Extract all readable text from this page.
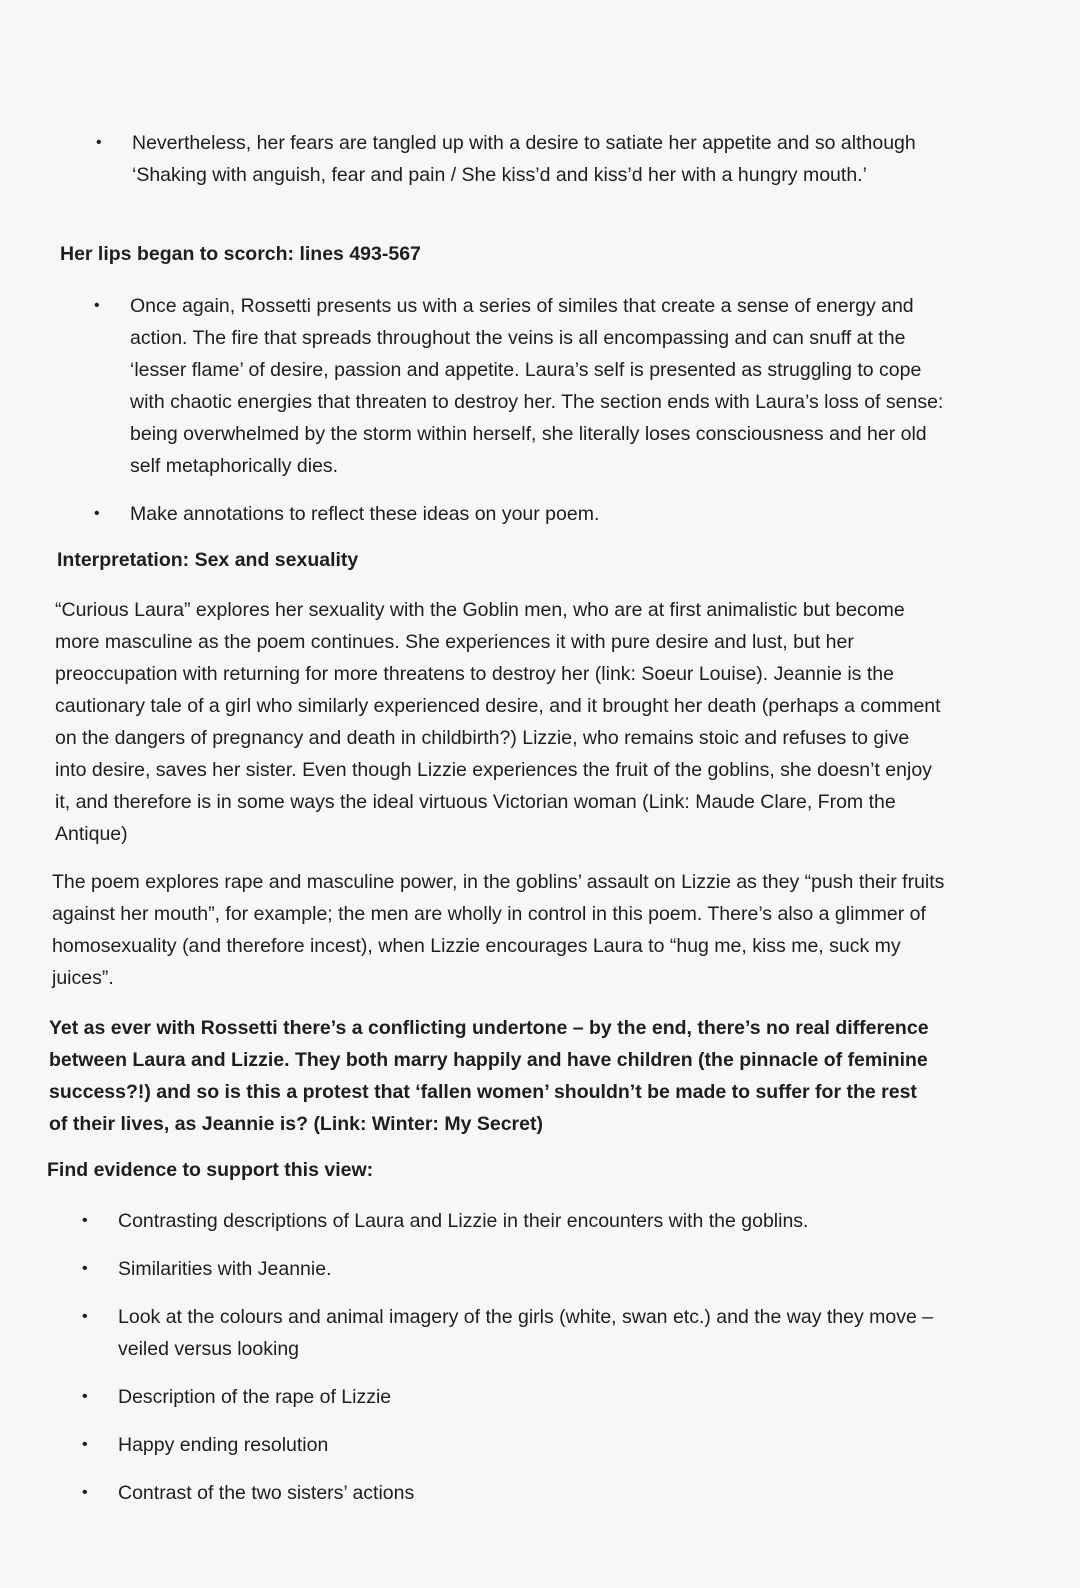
• Nevertheless, her fears are tangled up with a desire to satiate her appetite and so although ‘Shaking with anguish, fear and pain / She kiss’d and kiss’d her with a hungry mouth.’

Her lips began to scorch: lines 493-567

• Once again, Rossetti presents us with a series of similes that create a sense of energy and action. The fire that spreads throughout the veins is all encompassing and can snuff at the ‘lesser flame’ of desire, passion and appetite. Laura’s self is presented as struggling to cope with chaotic energies that threaten to destroy her. The section ends with Laura’s loss of sense: being overwhelmed by the storm within herself, she literally loses consciousness and her old self metaphorically dies.
• Make annotations to reflect these ideas on your poem.

Interpretation: Sex and sexuality

“Curious Laura” explores her sexuality with the Goblin men, who are at first animalistic but become more masculine as the poem continues. She experiences it with pure desire and lust, but her preoccupation with returning for more threatens to destroy her (link: Soeur Louise). Jeannie is the cautionary tale of a girl who similarly experienced desire, and it brought her death (perhaps a comment on the dangers of pregnancy and death in childbirth?) Lizzie, who remains stoic and refuses to give into desire, saves her sister. Even though Lizzie experiences the fruit of the goblins, she doesn’t enjoy it, and therefore is in some ways the ideal virtuous Victorian woman (Link: Maude Clare, From the Antique)

The poem explores rape and masculine power, in the goblins’ assault on Lizzie as they “push their fruits against her mouth”, for example; the men are wholly in control in this poem. There’s also a glimmer of homosexuality (and therefore incest), when Lizzie encourages Laura to “hug me, kiss me, suck my juices”.

Yet as ever with Rossetti there’s a conflicting undertone – by the end, there’s no real difference between Laura and Lizzie. They both marry happily and have children (the pinnacle of feminine success?!) and so is this a protest that ‘fallen women’ shouldn’t be made to suffer for the rest of their lives, as Jeannie is? (Link: Winter: My Secret)

Find evidence to support this view:

• Contrasting descriptions of Laura and Lizzie in their encounters with the goblins.
• Similarities with Jeannie.
• Look at the colours and animal imagery of the girls (white, swan etc.) and the way they move – veiled versus looking
• Description of the rape of Lizzie
• Happy ending resolution
• Contrast of the two sisters’ actions
